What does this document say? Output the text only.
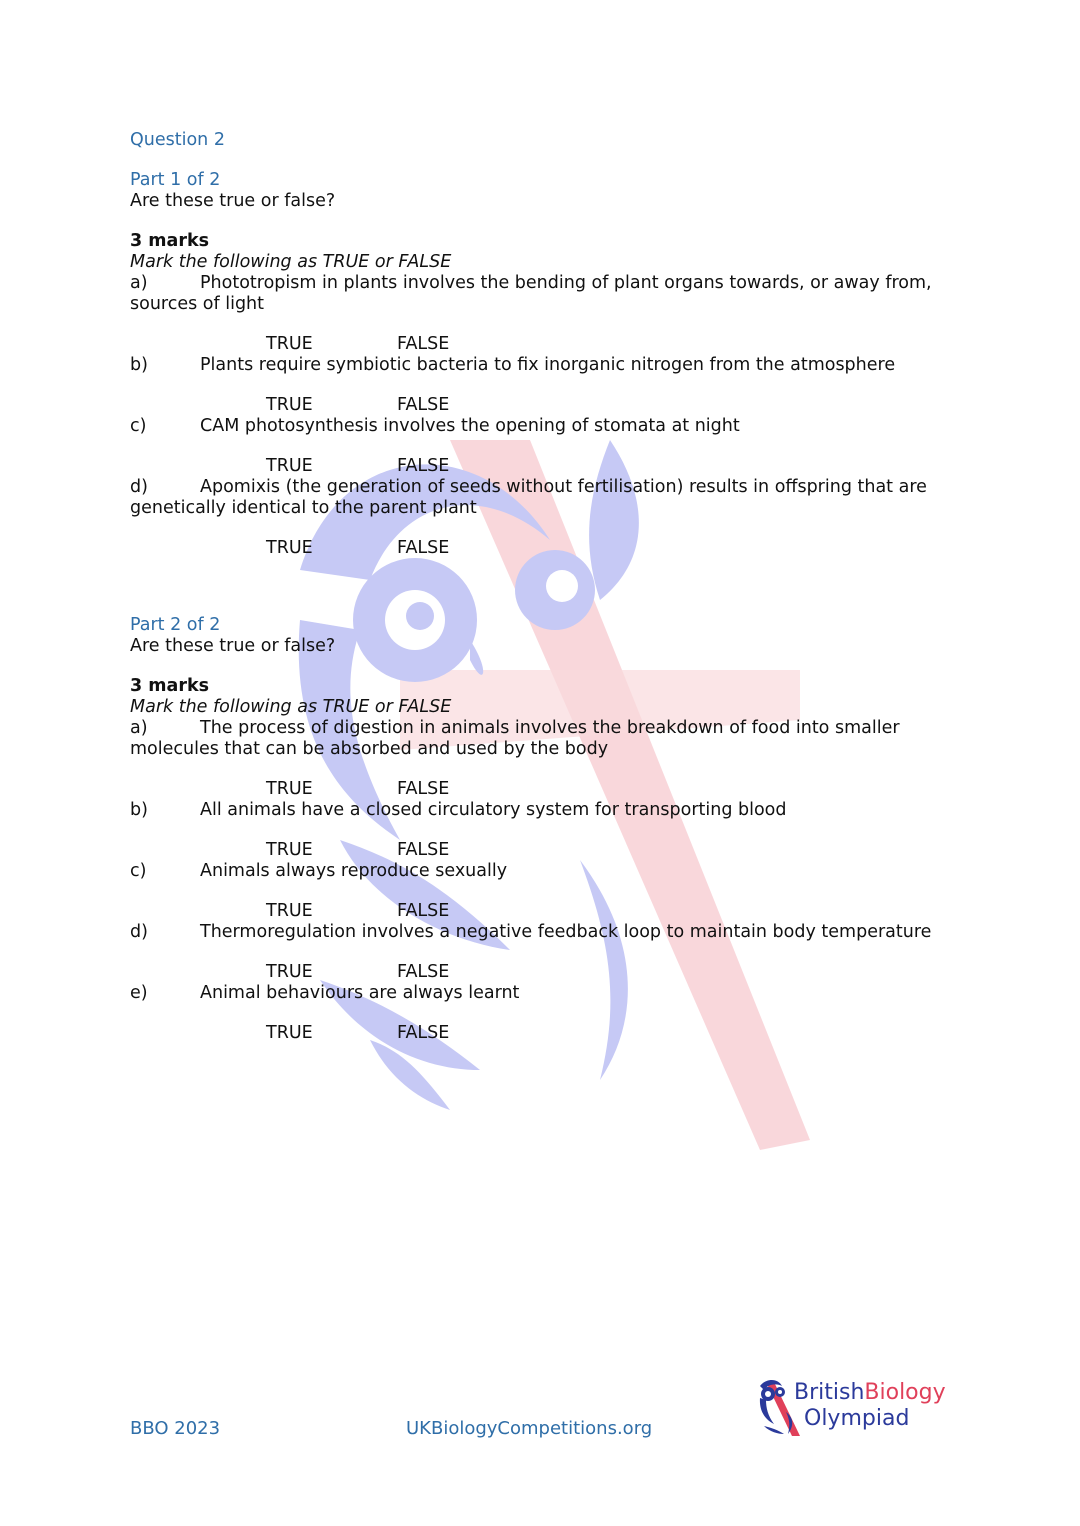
Question 2
Part 1 of 2
Are these true or false?
3 marks
Mark the following as TRUE or FALSE
a)	Phototropism in plants involves the bending of plant organs towards, or away from,
sources of light
TRUE	FALSE
b)	Plants require symbiotic bacteria to fix inorganic nitrogen from the atmosphere
TRUE	FALSE
c)	CAM photosynthesis involves the opening of stomata at night
TRUE	FALSE
d)	Apomixis (the generation of seeds without fertilisation) results in offspring that are
genetically identical to the parent plant
TRUE	FALSE
Part 2 of 2
Are these true or false?
3 marks
Mark the following as TRUE or FALSE
a)	The process of digestion in animals involves the breakdown of food into smaller
molecules that can be absorbed and used by the body
TRUE	FALSE
b)	All animals have a closed circulatory system for transporting blood
TRUE	FALSE
c)	Animals always reproduce sexually
TRUE	FALSE
d)	Thermoregulation involves a negative feedback loop to maintain body temperature
TRUE	FALSE
e)	Animal behaviours are always learnt
TRUE	FALSE
BBO 2023	UKBiologyCompetitions.org
BritishBiology
Olympiad
